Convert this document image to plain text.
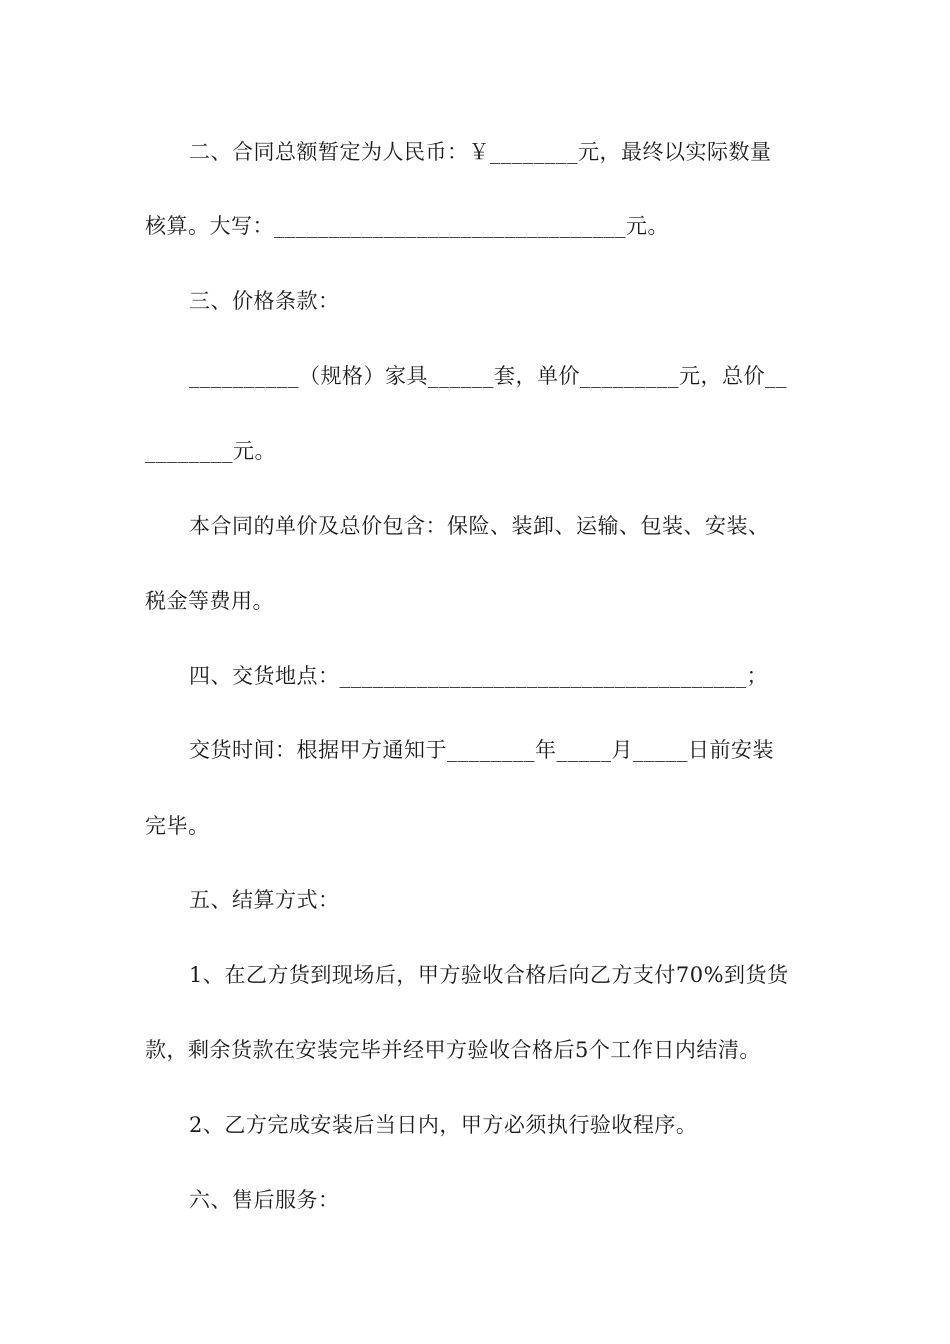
二、合同总额暂定为人民币：￥________元，最终以实际数量

核算。大写：________________________________元。

三、价格条款：

__________（规格）家具______套，单价_________元，总价__

________元。

本合同的单价及总价包含：保险、装卸、运输、包装、安装、

税金等费用。

四、交货地点：_____________________________________；

交货时间：根据甲方通知于________年_____月_____日前安装

完毕。

五、结算方式：

1、在乙方货到现场后，甲方验收合格后向乙方支付70%到货货

款，剩余货款在安装完毕并经甲方验收合格后5个工作日内结清。

2、乙方完成安装后当日内，甲方必须执行验收程序。

六、售后服务：
